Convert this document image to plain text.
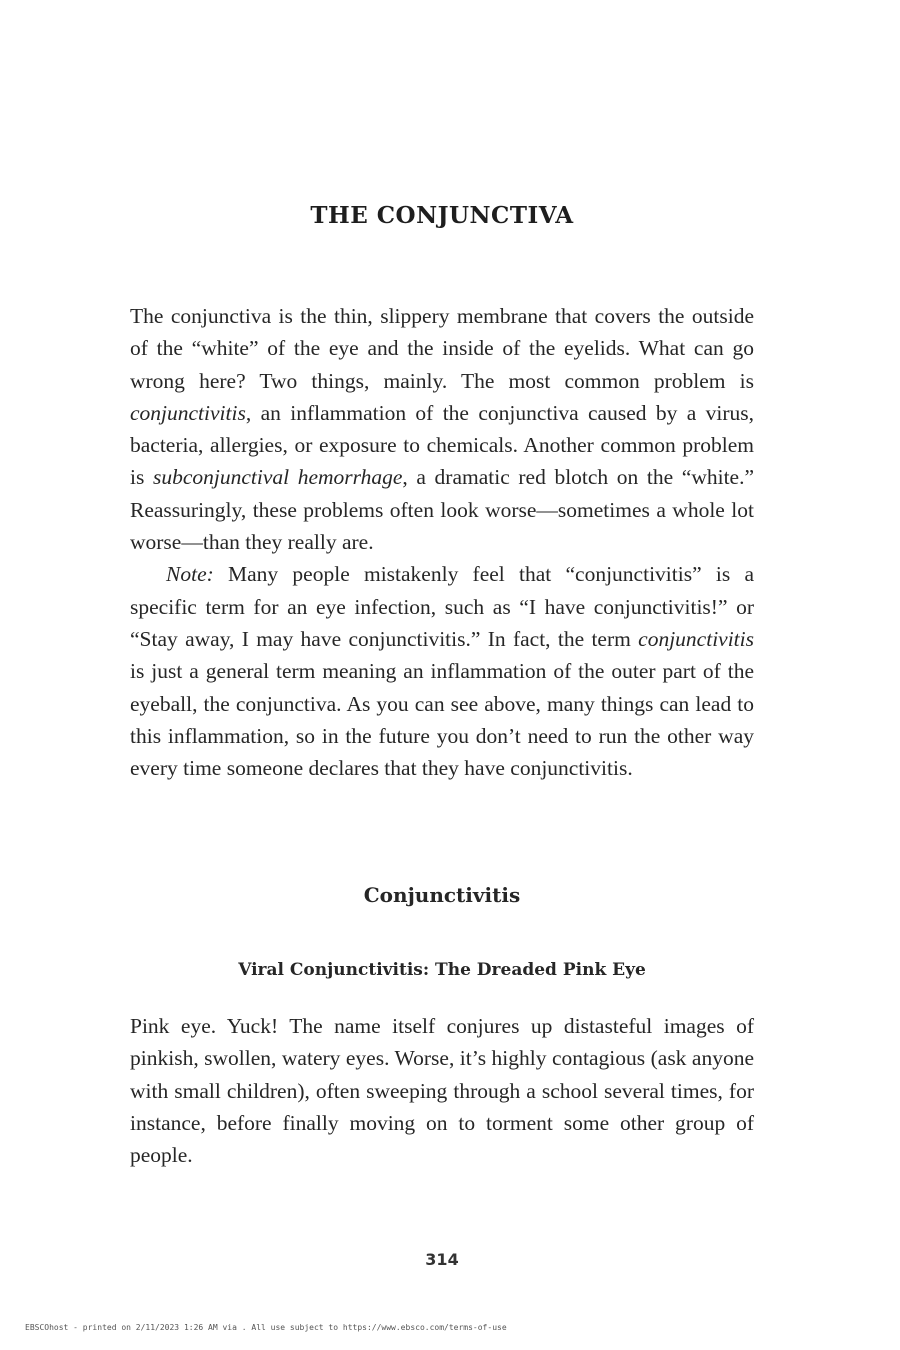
THE CONJUNCTIVA

The conjunctiva is the thin, slippery membrane that covers the outside of the “white” of the eye and the inside of the eyelids. What can go wrong here? Two things, mainly. The most common problem is conjunctivitis, an inflammation of the conjunctiva caused by a virus, bacteria, allergies, or exposure to chemicals. Another common problem is subconjunctival hemorrhage, a dramatic red blotch on the “white.” Reassuringly, these problems often look worse—sometimes a whole lot worse—than they really are.

Note: Many people mistakenly feel that “conjunctivitis” is a specific term for an eye infection, such as “I have conjunctivitis!” or “Stay away, I may have conjunctivitis.” In fact, the term conjunctivitis is just a general term meaning an inflammation of the outer part of the eyeball, the conjunctiva. As you can see above, many things can lead to this inflammation, so in the future you don’t need to run the other way every time someone declares that they have conjunctivitis.

Conjunctivitis
Viral Conjunctivitis: The Dreaded Pink Eye

Pink eye. Yuck! The name itself conjures up distasteful images of pinkish, swollen, watery eyes. Worse, it’s highly contagious (ask anyone with small children), often sweeping through a school several times, for instance, before finally moving on to torment some other group of people.

314
EBSCOhost - printed on 2/11/2023 1:26 AM via . All use subject to https://www.ebsco.com/terms-of-use
